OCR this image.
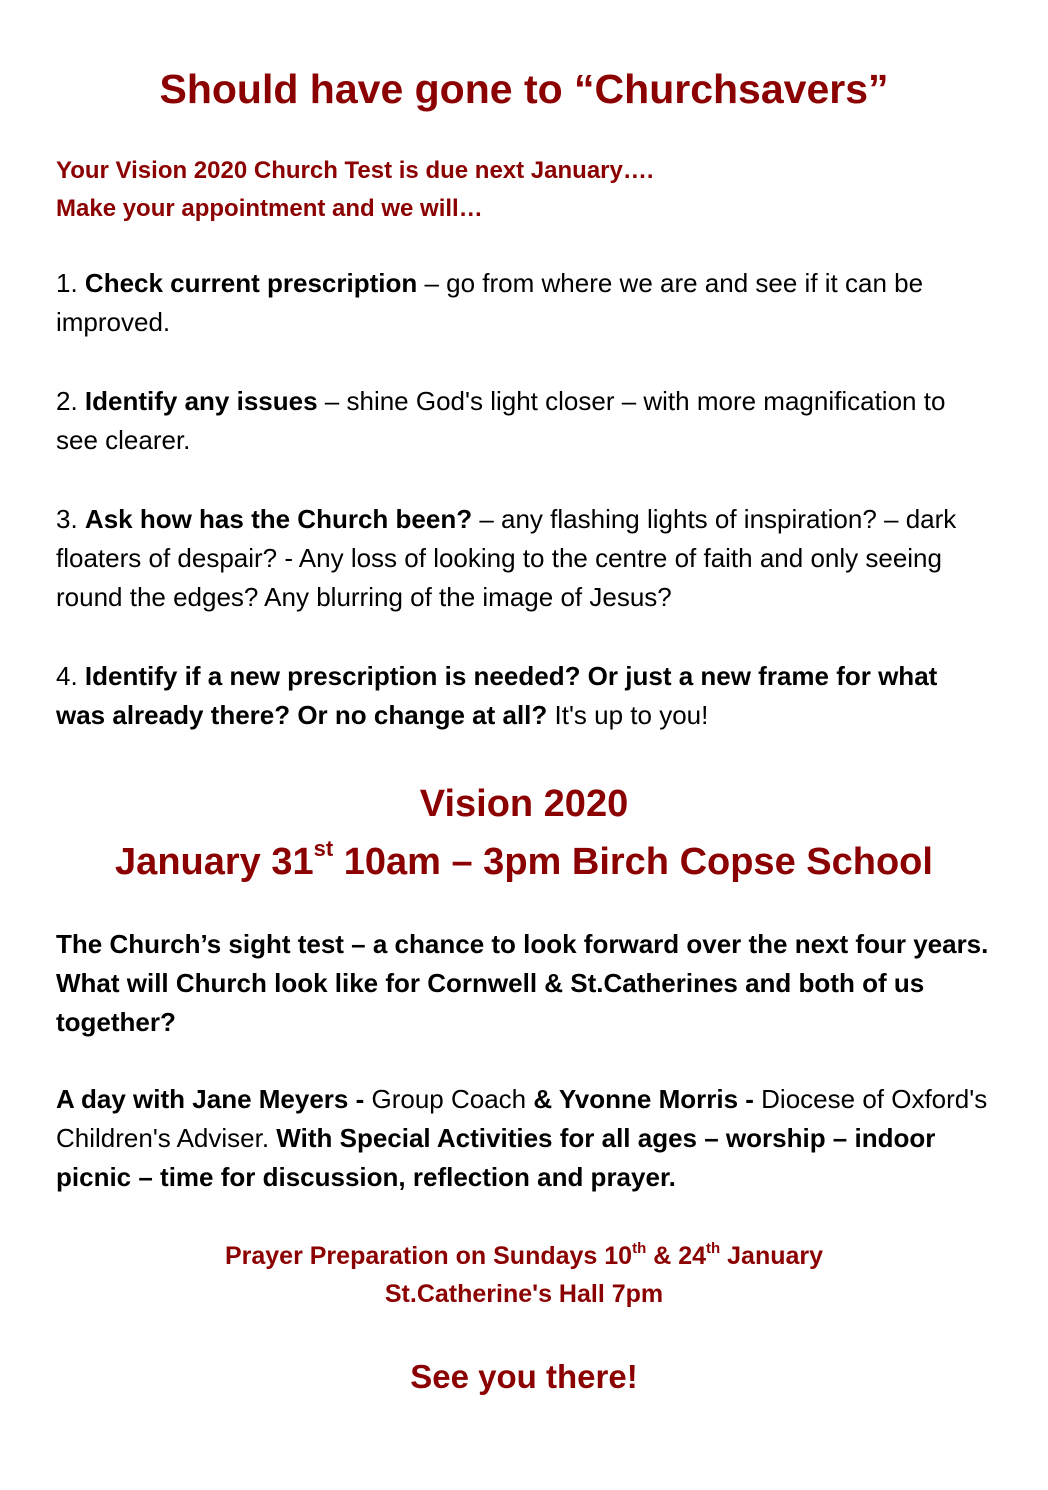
Should have gone to “Churchsavers”
Your Vision 2020 Church Test is due next January….
Make your appointment and we will…
1. Check current prescription – go from where we are and see if it can be improved.
2. Identify any issues – shine God's light closer – with more magnification to see clearer.
3. Ask how has the Church been? – any flashing lights of inspiration? – dark floaters of despair? - Any loss of looking to the centre of faith and only seeing round the edges? Any blurring of the image of Jesus?
4. Identify if a new prescription is needed? Or just a new frame for what was already there? Or no change at all? It's up to you!
Vision 2020
January 31st 10am – 3pm Birch Copse School
The Church’s sight test – a chance to look forward over the next four years. What will Church look like for Cornwell & St.Catherines and both of us together?
A day with Jane Meyers - Group Coach & Yvonne Morris - Diocese of Oxford's Children's Adviser. With Special Activities for all ages – worship – indoor picnic – time for discussion, reflection and prayer.
Prayer Preparation on Sundays 10th & 24th January
St.Catherine's Hall 7pm
See you there!
